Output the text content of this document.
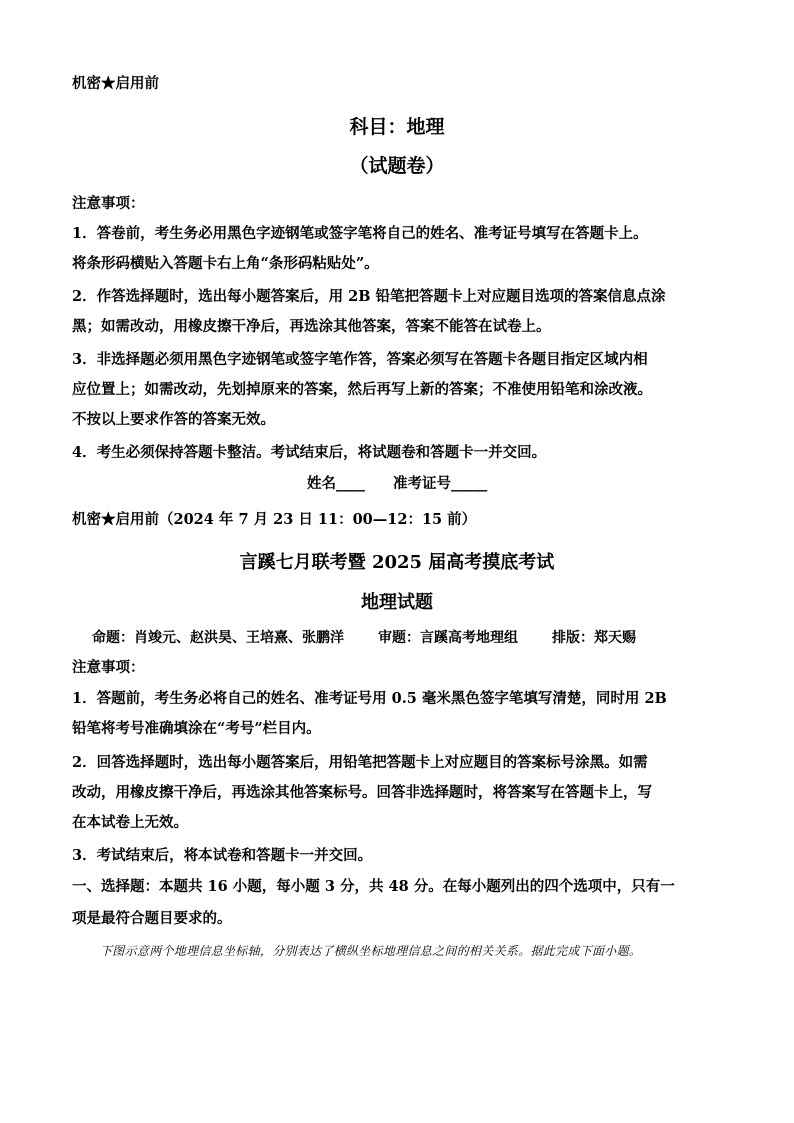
机密★启用前
科目：地理
（试题卷）
注意事项：
1．答卷前，考生务必用黑色字迹钢笔或签字笔将自己的姓名、准考证号填写在答题卡上。
将条形码横贴入答题卡右上角“条形码粘贴处”。
2．作答选择题时，选出每小题答案后，用 2B 铅笔把答题卡上对应题目选项的答案信息点涂
黑；如需改动，用橡皮擦干净后，再选涂其他答案，答案不能答在试卷上。
3．非选择题必须用黑色字迹钢笔或签字笔作答，答案必须写在答题卡各题目指定区域内相
应位置上；如需改动，先划掉原来的答案，然后再写上新的答案；不准使用铅笔和涂改液。
不按以上要求作答的答案无效。
4．考生必须保持答题卡整洁。考试结束后，将试题卷和答题卡一并交回。
姓名____ 准考证号_____
机密★启用前（2024 年 7 月 23 日 11：00—12：15 前）
言蹊七月联考暨 2025 届高考摸底考试
地理试题
命题：肖竣元、赵洪昊、王培熹、张鹏洋 审题：言蹊高考地理组 排版：郑天赐
注意事项：
1．答题前，考生务必将自己的姓名、准考证号用 0.5 毫米黑色签字笔填写清楚，同时用 2B
铅笔将考号准确填涂在“考号”栏目内。
2．回答选择题时，选出每小题答案后，用铅笔把答题卡上对应题目的答案标号涂黑。如需
改动，用橡皮擦干净后，再选涂其他答案标号。回答非选择题时，将答案写在答题卡上，写
在本试卷上无效。
3．考试结束后，将本试卷和答题卡一并交回。
一、选择题：本题共 16 小题，每小题 3 分，共 48 分。在每小题列出的四个选项中，只有一
项是最符合题目要求的。
下图示意两个地理信息坐标轴，分别表达了横纵坐标地理信息之间的相关关系。据此完成下面小题。
